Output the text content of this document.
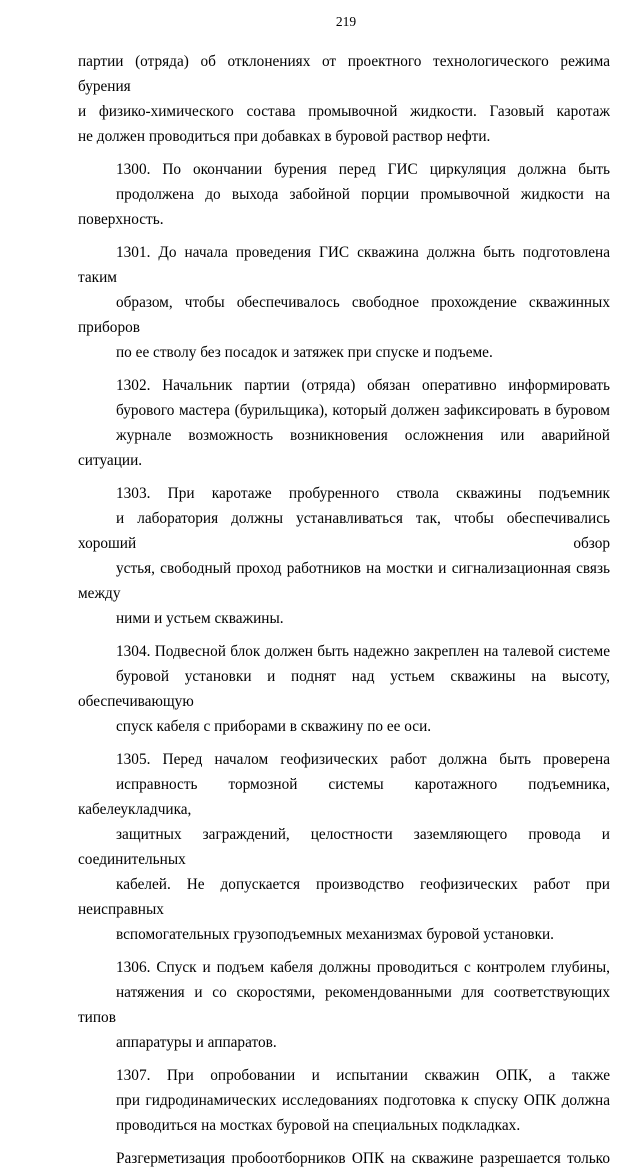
219

партии (отряда) об отклонениях от проектного технологического режима бурения
и физико-химического состава промывочной жидкости. Газовый каротаж
не должен проводиться при добавках в буровой раствор нефти.

1300. По окончании бурения перед ГИС циркуляция должна быть
продолжена до выхода забойной порции промывочной жидкости на поверхность.

1301. До начала проведения ГИС скважина должна быть подготовлена таким
образом, чтобы обеспечивалось свободное прохождение скважинных приборов
по ее стволу без посадок и затяжек при спуске и подъеме.

1302. Начальник партии (отряда) обязан оперативно информировать
бурового мастера (бурильщика), который должен зафиксировать в буровом
журнале возможность возникновения осложнения или аварийной ситуации.

1303. При каротаже пробуренного ствола скважины подъемник
и лаборатория должны устанавливаться так, чтобы обеспечивались хороший обзор
устья, свободный проход работников на мостки и сигнализационная связь между
ними и устьем скважины.

1304. Подвесной блок должен быть надежно закреплен на талевой системе
буровой установки и поднят над устьем скважины на высоту, обеспечивающую
спуск кабеля с приборами в скважину по ее оси.

1305. Перед началом геофизических работ должна быть проверена
исправность тормозной системы каротажного подъемника, кабелеукладчика,
защитных заграждений, целостности заземляющего провода и соединительных
кабелей. Не допускается производство геофизических работ при неисправных
вспомогательных грузоподъемных механизмах буровой установки.

1306. Спуск и подъем кабеля должны проводиться с контролем глубины,
натяжения и со скоростями, рекомендованными для соответствующих типов
аппаратуры и аппаратов.

1307. При опробовании и испытании скважин ОПК, а также
при гидродинамических исследованиях подготовка к спуску ОПК должна
проводиться на мостках буровой на специальных подкладках.

Разгерметизация пробоотборников ОПК на скважине разрешается только
